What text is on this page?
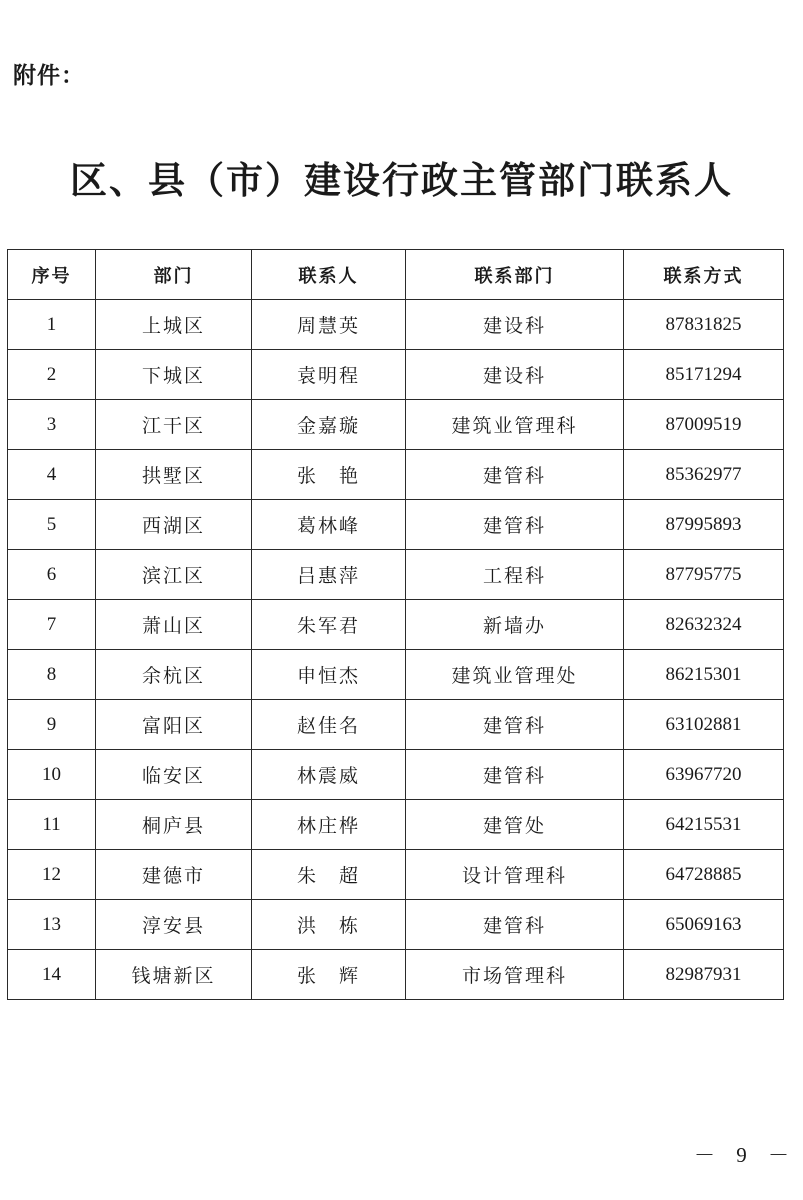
附件：
区、县（市）建设行政主管部门联系人
序号	部门	联系人	联系部门	联系方式
1	上城区	周慧英	建设科	87831825
2	下城区	袁明程	建设科	85171294
3	江干区	金嘉璇	建筑业管理科	87009519
4	拱墅区	张　艳	建管科	85362977
5	西湖区	葛林峰	建管科	87995893
6	滨江区	吕惠萍	工程科	87795775
7	萧山区	朱军君	新墙办	82632324
8	余杭区	申恒杰	建筑业管理处	86215301
9	富阳区	赵佳名	建管科	63102881
10	临安区	林震威	建管科	63967720
11	桐庐县	林庄桦	建管处	64215531
12	建德市	朱　超	设计管理科	64728885
13	淳安县	洪　栋	建管科	65069163
14	钱塘新区	张　辉	市场管理科	82987931
－ 9 －
